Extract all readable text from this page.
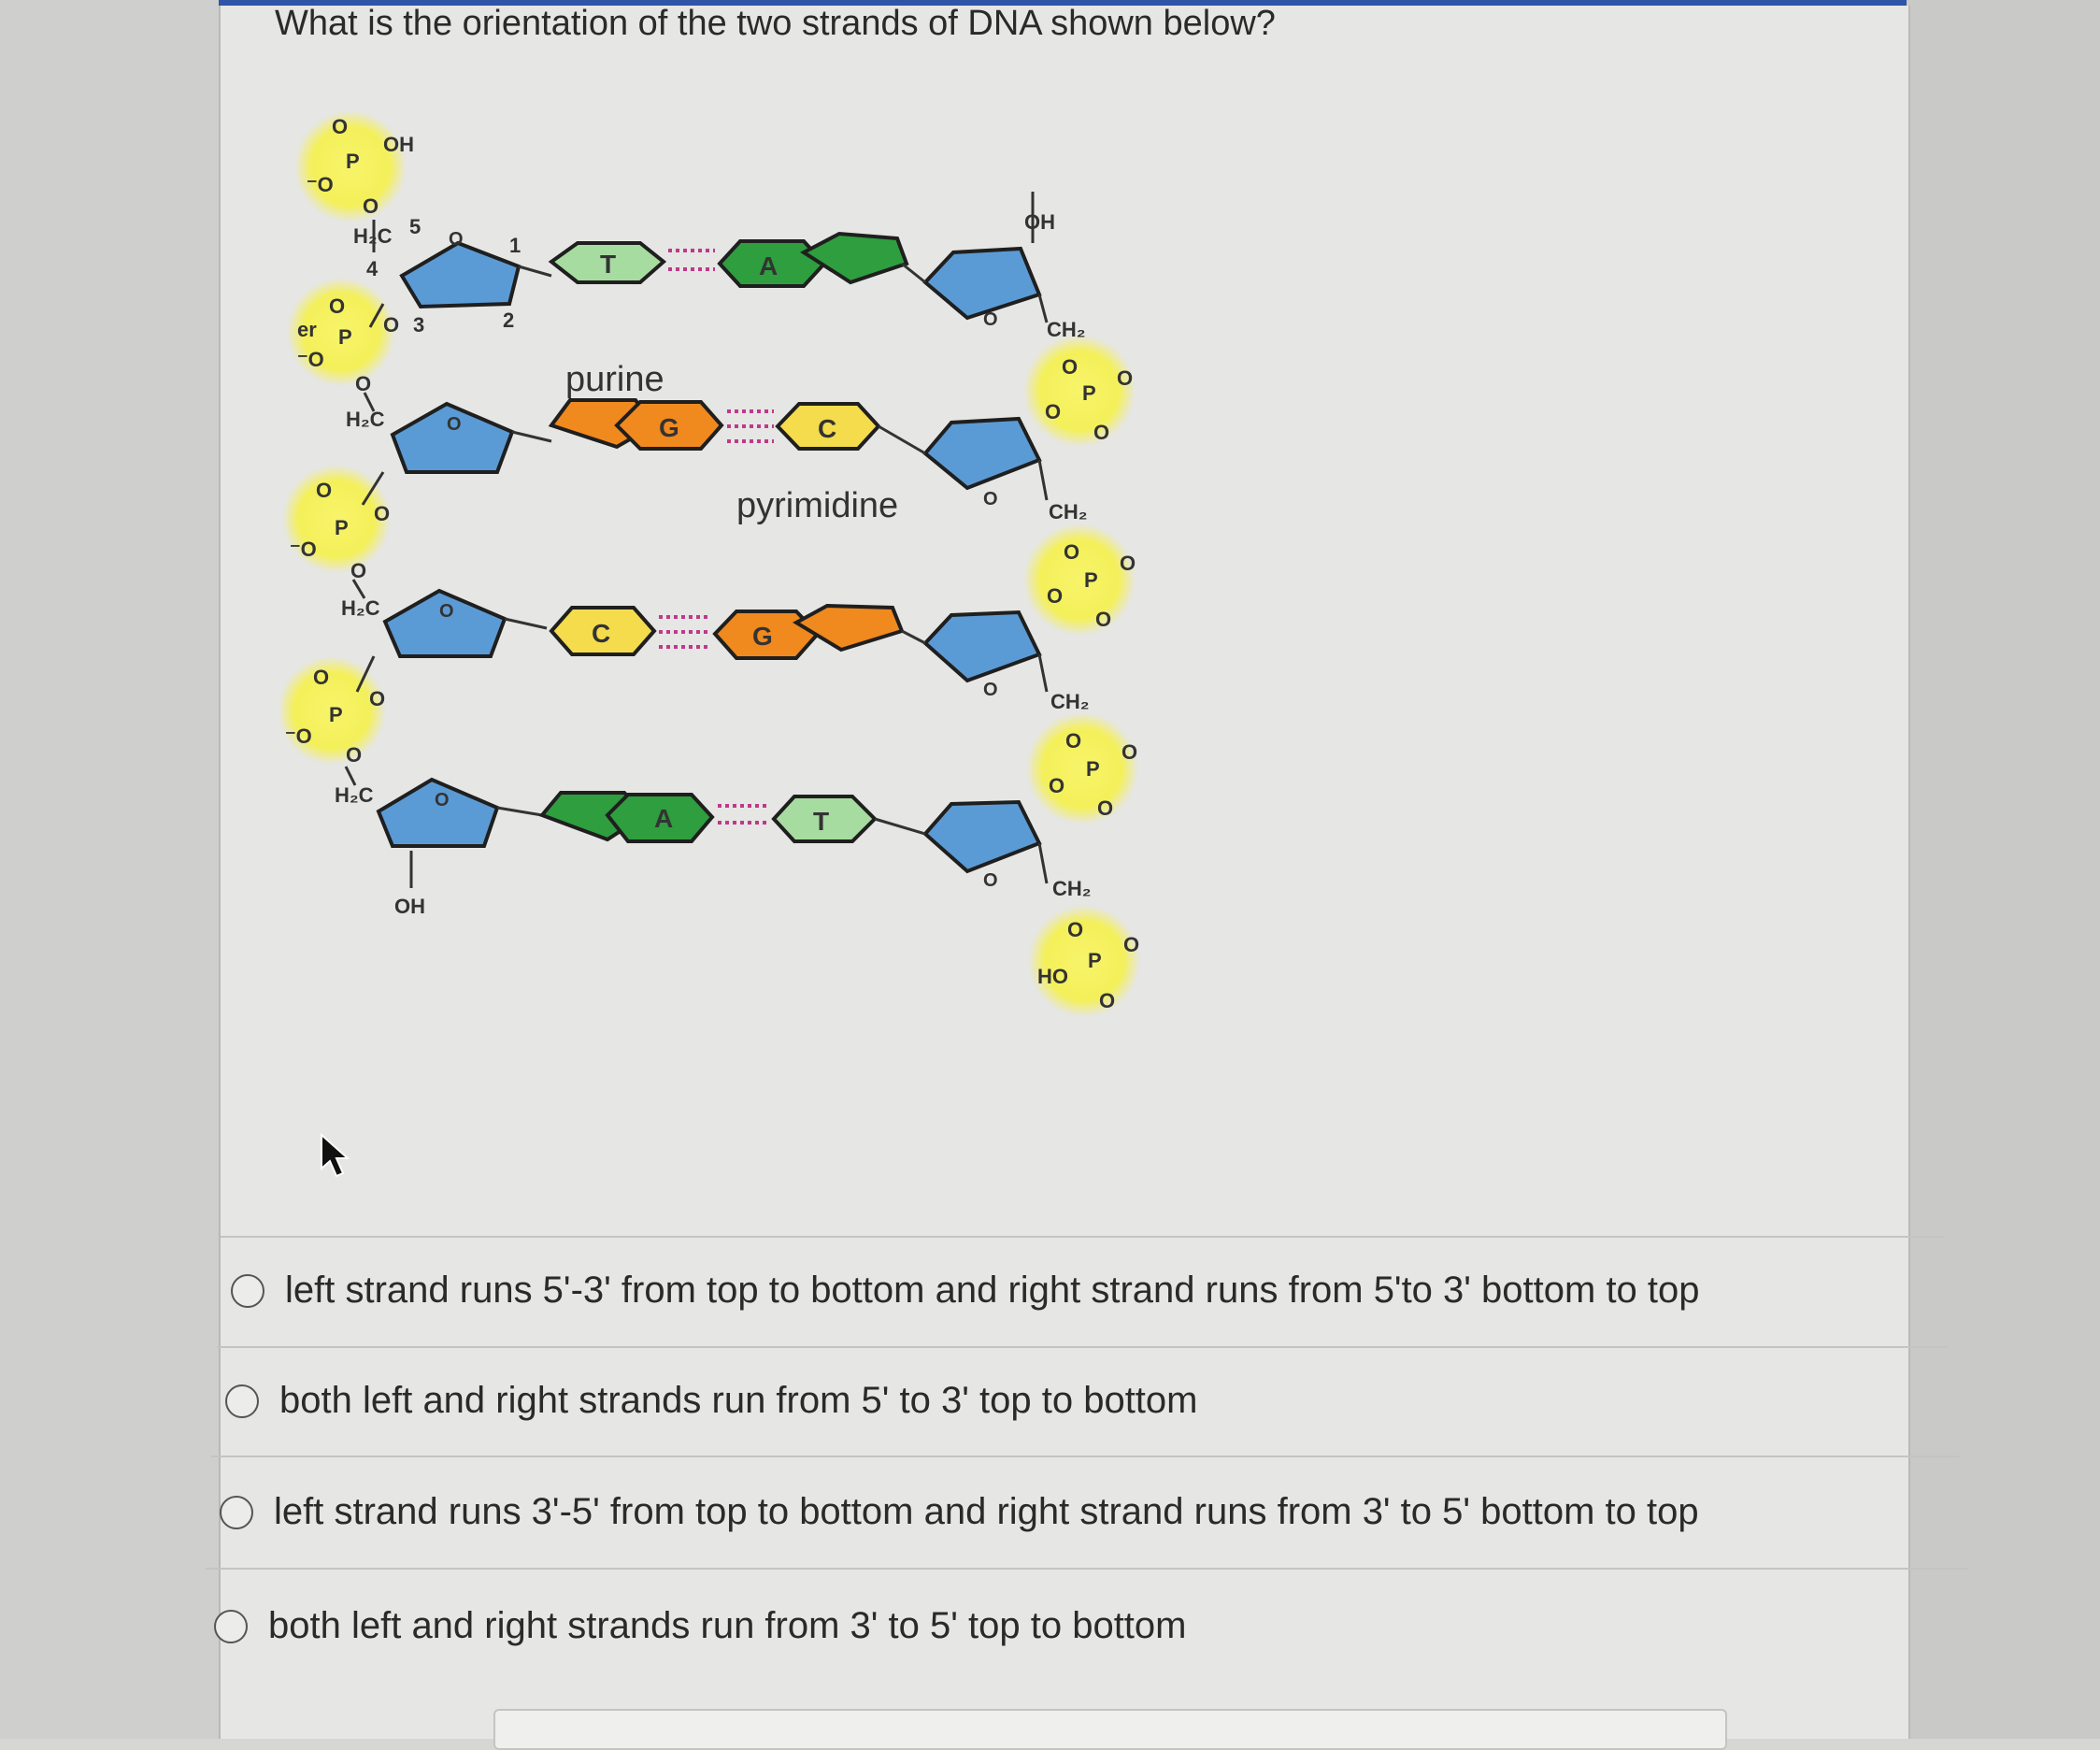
What is the orientation of the two strands of DNA shown below?
O
P
OH
⁻O
O
er
O
P
O
⁻O
O
O
P
O
⁻O
O
O
P
O
⁻O
O
H₂C 5
4
3	2
1
H₂C
H₂C
H₂C
OH
O
O
O
O
T	A
G	C
C	G
A	T
purine
pyrimidine
O
O
O
O
OH
CH₂
O
O
P
O
O
CH₂
O
O
P
O
O
CH₂
O
O
P
O
O
CH₂
O
HO
P
O
O
left strand runs 5'-3' from top to bottom and right strand runs from 5'to 3' bottom to top
both left and right strands run from 5' to 3' top to bottom
left strand runs 3'-5' from top to bottom and right strand runs from 3' to 5' bottom to top
both left and right strands run from 3' to 5' top to bottom
